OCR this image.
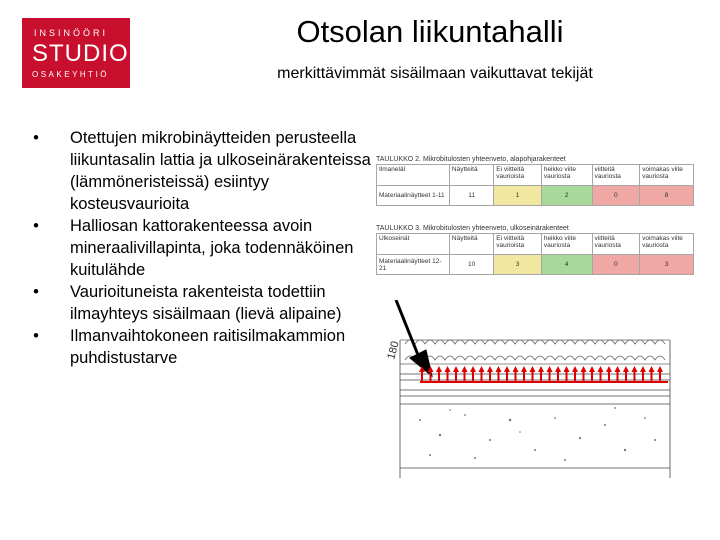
INSINÖÖRI
STUDIO
OSAKEYHTIÖ
Otsolan liikuntahalli
merkittävimmät sisäilmaan vaikuttavat tekijät
• Otettujen mikrobinäytteiden perusteella liikuntasalin lattia ja ulkoseinärakenteissa (lämmöneristeissä) esiintyy kosteusvaurioita
• Halliosan kattorakenteessa avoin mineraalivillapinta, joka todennäköinen kuitulähde
• Vaurioituneista rakenteista todettiin ilmayhteys sisäilmaan (lievä alipaine)
• Ilmanvaihtokoneen raitisilmakammion puhdistustarve
TAULUKKO 2. Mikrobitulosten yhteenveto, alapohjarakenteet
Ilmaneläl	Näytteitä	Ei viitteitä vaurioista	heikko viite vauriosta	viitteitä vauriosta	voimakas viite vauriosta
Materiaalinäytteet 1-11	11	1	2	0	8
TAULUKKO 3. Mikrobitulosten yhteenveto, ulkoseinärakenteet
Ulkoseinät	Näytteitä	Ei viitteitä vaurioista	heikko viite vauriosta	viitteitä vauriosta	voimakas viite vauriosta
Materiaalinäytteet 12-21	10	3	4	0	3
180
